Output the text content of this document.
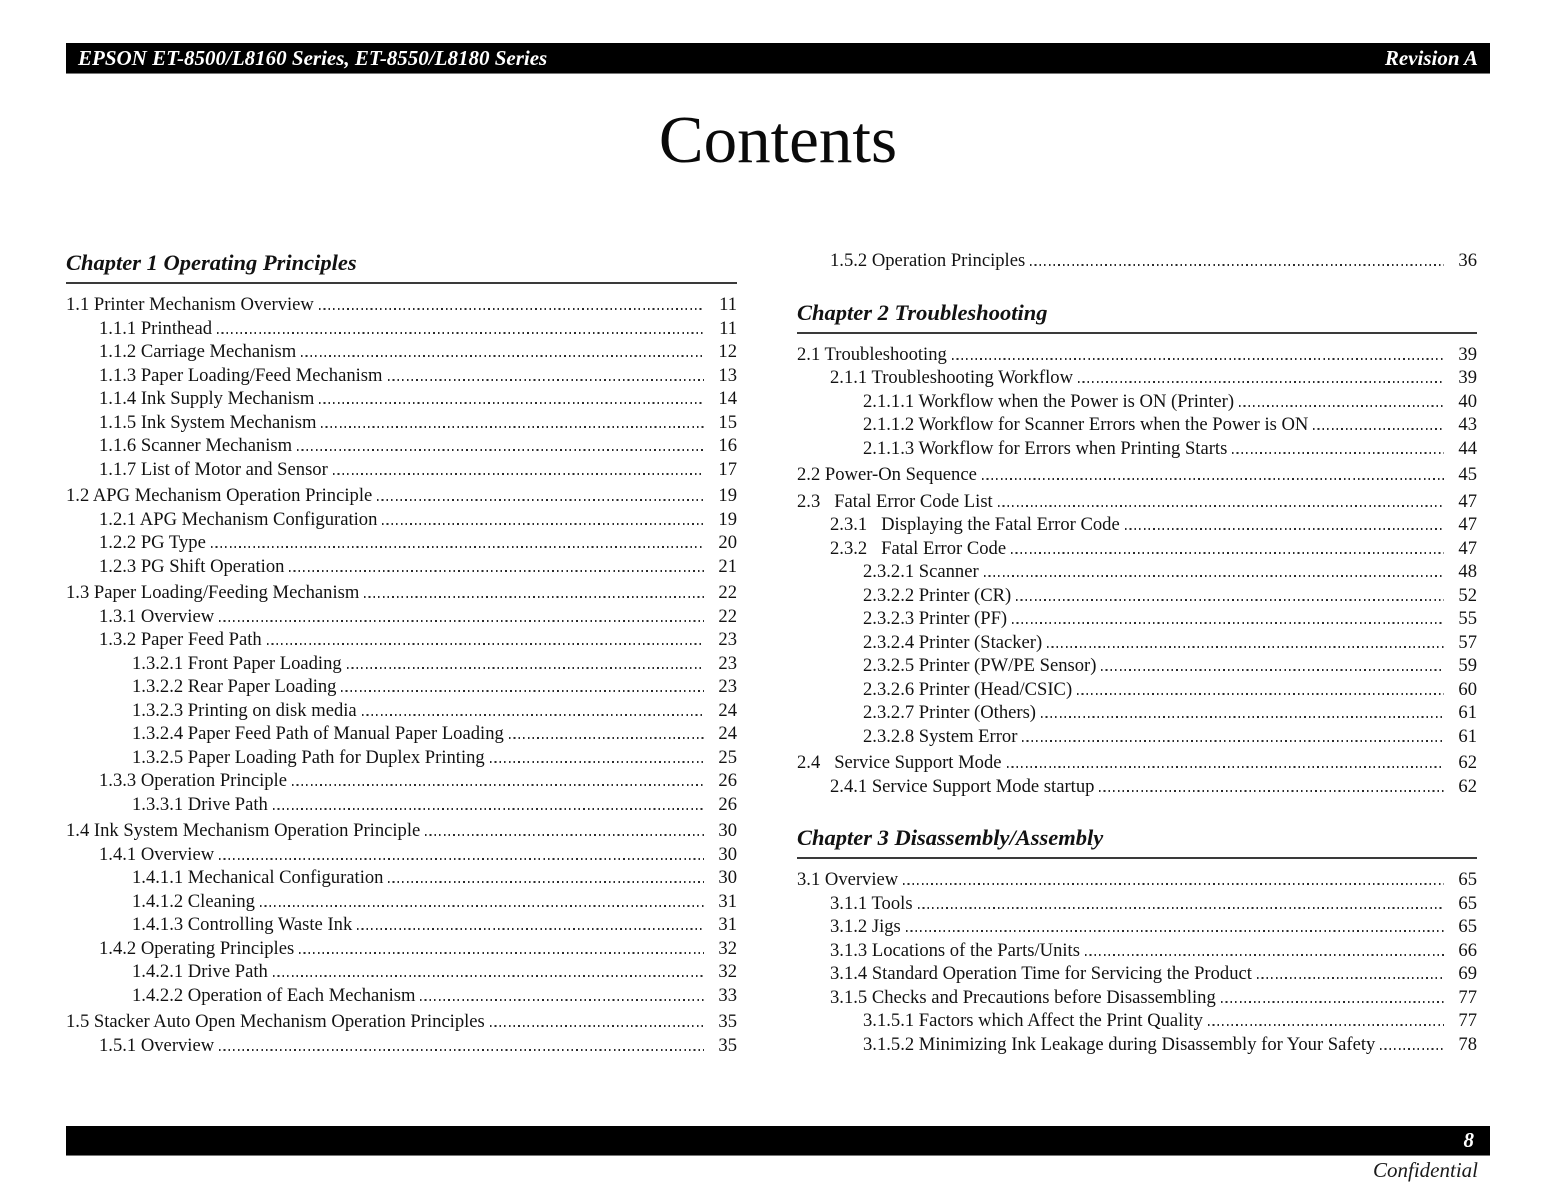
EPSON ET-8500/L8160 Series, ET-8550/L8180 Series	Revision A
Contents
Chapter 1 Operating Principles
1.1 Printer Mechanism Overview	11
1.1.1 Printhead	11
1.1.2 Carriage Mechanism	12
1.1.3 Paper Loading/Feed Mechanism	13
1.1.4 Ink Supply Mechanism	14
1.1.5 Ink System Mechanism	15
1.1.6 Scanner Mechanism	16
1.1.7 List of Motor and Sensor	17
1.2 APG Mechanism Operation Principle	19
1.2.1 APG Mechanism Configuration	19
1.2.2 PG Type	20
1.2.3 PG Shift Operation	21
1.3 Paper Loading/Feeding Mechanism	22
1.3.1 Overview	22
1.3.2 Paper Feed Path	23
1.3.2.1 Front Paper Loading	23
1.3.2.2 Rear Paper Loading	23
1.3.2.3 Printing on disk media	24
1.3.2.4 Paper Feed Path of Manual Paper Loading	24
1.3.2.5 Paper Loading Path for Duplex Printing	25
1.3.3 Operation Principle	26
1.3.3.1 Drive Path	26
1.4 Ink System Mechanism Operation Principle	30
1.4.1 Overview	30
1.4.1.1 Mechanical Configuration	30
1.4.1.2 Cleaning	31
1.4.1.3 Controlling Waste Ink	31
1.4.2 Operating Principles	32
1.4.2.1 Drive Path	32
1.4.2.2 Operation of Each Mechanism	33
1.5 Stacker Auto Open Mechanism Operation Principles	35
1.5.1 Overview	35
1.5.2 Operation Principles	36
Chapter 2 Troubleshooting
2.1 Troubleshooting	39
2.1.1 Troubleshooting Workflow	39
2.1.1.1 Workflow when the Power is ON (Printer)	40
2.1.1.2 Workflow for Scanner Errors when the Power is ON	43
2.1.1.3 Workflow for Errors when Printing Starts	44
2.2 Power-On Sequence	45
2.3   Fatal Error Code List	47
2.3.1   Displaying the Fatal Error Code	47
2.3.2   Fatal Error Code	47
2.3.2.1 Scanner	48
2.3.2.2 Printer (CR)	52
2.3.2.3 Printer (PF)	55
2.3.2.4 Printer (Stacker)	57
2.3.2.5 Printer (PW/PE Sensor)	59
2.3.2.6 Printer (Head/CSIC)	60
2.3.2.7 Printer (Others)	61
2.3.2.8 System Error	61
2.4   Service Support Mode	62
2.4.1 Service Support Mode startup	62
Chapter 3 Disassembly/Assembly
3.1 Overview	65
3.1.1 Tools	65
3.1.2 Jigs	65
3.1.3 Locations of the Parts/Units	66
3.1.4 Standard Operation Time for Servicing the Product	69
3.1.5 Checks and Precautions before Disassembling	77
3.1.5.1 Factors which Affect the Print Quality	77
3.1.5.2 Minimizing Ink Leakage during Disassembly for Your Safety	78
8
Confidential
